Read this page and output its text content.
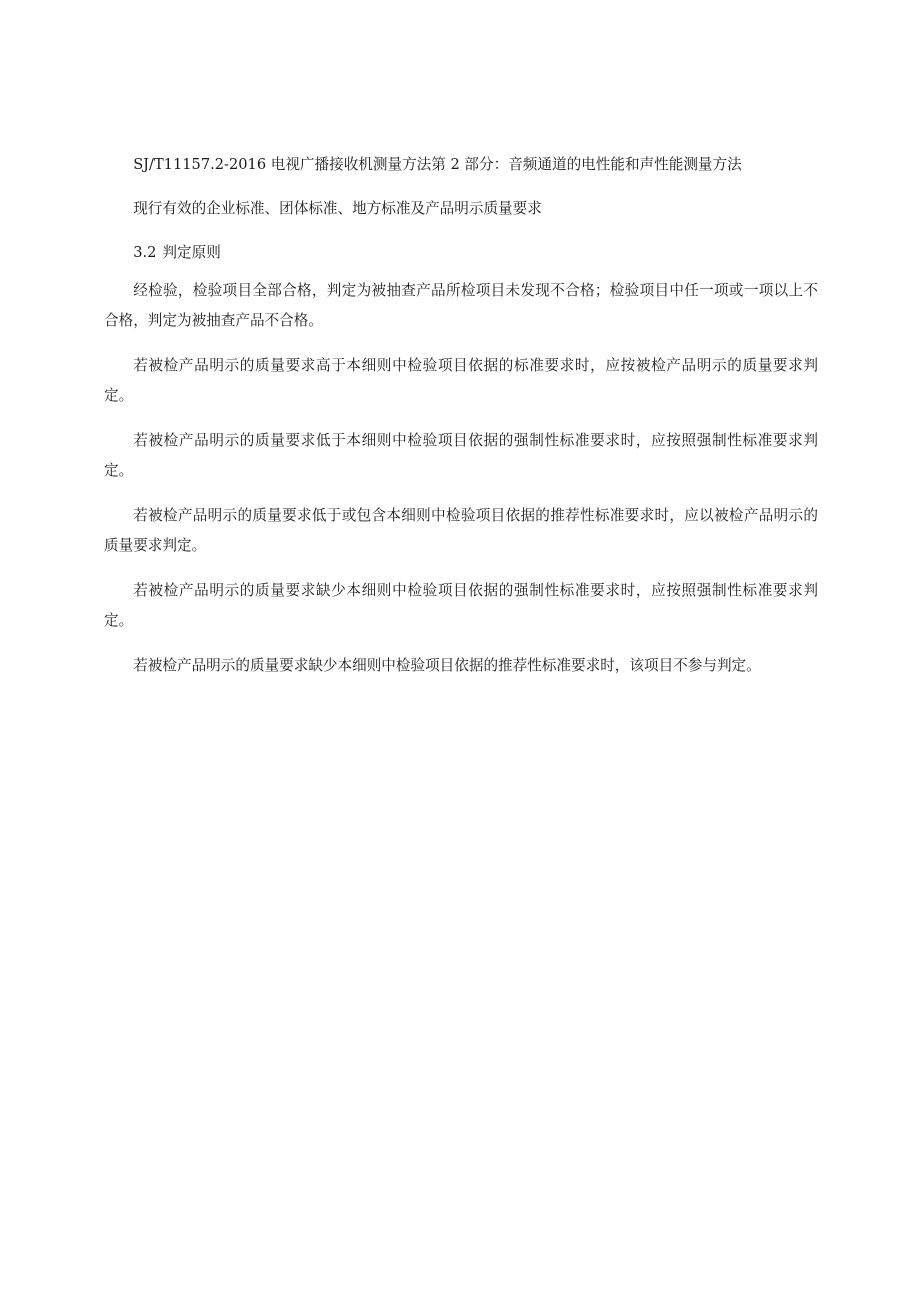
SJ/T11157.2-2016 电视广播接收机测量方法第 2 部分：音频通道的电性能和声性能测量方法

现行有效的企业标准、团体标准、地方标准及产品明示质量要求

3.2 判定原则

经检验，检验项目全部合格，判定为被抽查产品所检项目未发现不合格；检验项目中任一项或一项以上不合格，判定为被抽查产品不合格。

若被检产品明示的质量要求高于本细则中检验项目依据的标准要求时，应按被检产品明示的质量要求判定。

若被检产品明示的质量要求低于本细则中检验项目依据的强制性标准要求时，应按照强制性标准要求判定。

若被检产品明示的质量要求低于或包含本细则中检验项目依据的推荐性标准要求时，应以被检产品明示的质量要求判定。

若被检产品明示的质量要求缺少本细则中检验项目依据的强制性标准要求时，应按照强制性标准要求判定。

若被检产品明示的质量要求缺少本细则中检验项目依据的推荐性标准要求时，该项目不参与判定。
